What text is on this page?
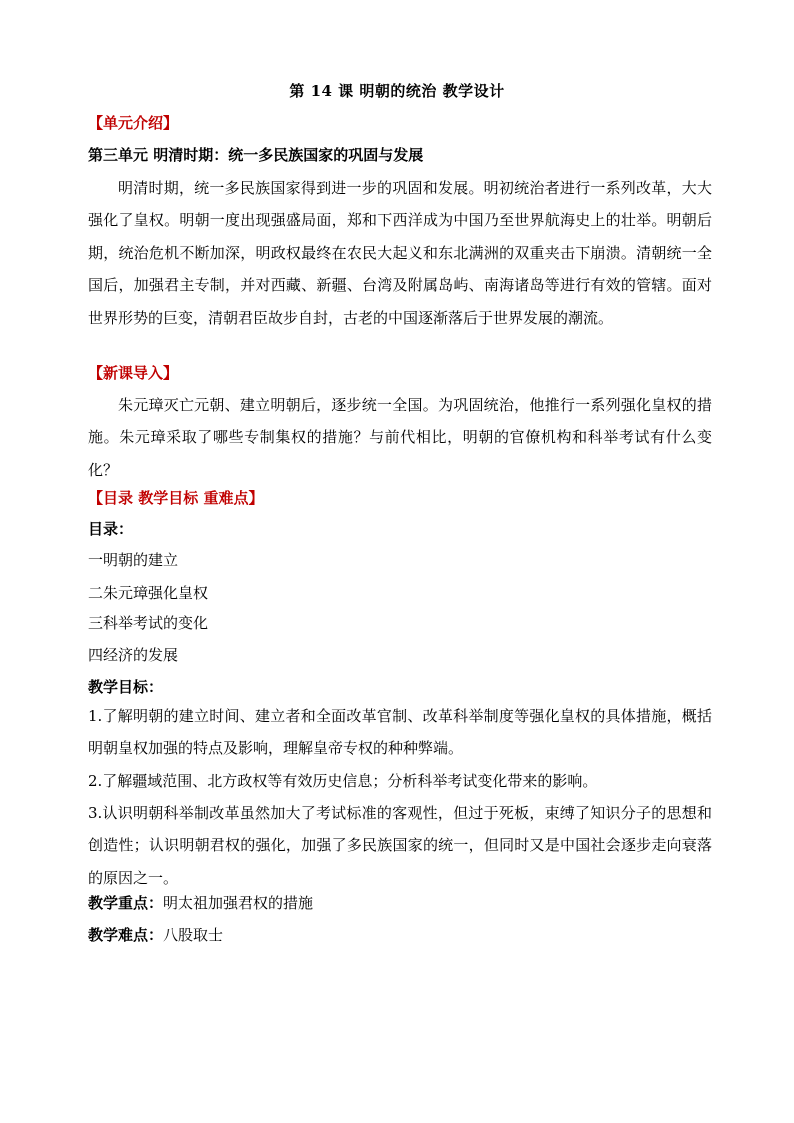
第 14 课 明朝的统治 教学设计
【单元介绍】
第三单元 明清时期：统一多民族国家的巩固与发展
明清时期，统一多民族国家得到进一步的巩固和发展。明初统治者进行一系列改革，大大强化了皇权。明朝一度出现强盛局面，郑和下西洋成为中国乃至世界航海史上的壮举。明朝后期，统治危机不断加深，明政权最终在农民大起义和东北满洲的双重夹击下崩溃。清朝统一全国后，加强君主专制，并对西藏、新疆、台湾及附属岛屿、南海诸岛等进行有效的管辖。面对世界形势的巨变，清朝君臣故步自封，古老的中国逐渐落后于世界发展的潮流。
【新课导入】
朱元璋灭亡元朝、建立明朝后，逐步统一全国。为巩固统治，他推行一系列强化皇权的措施。朱元璋采取了哪些专制集权的措施？与前代相比，明朝的官僚机构和科举考试有什么变化？
【目录 教学目标 重难点】
目录：
一明朝的建立
二朱元璋强化皇权
三科举考试的变化
四经济的发展
教学目标：
1.了解明朝的建立时间、建立者和全面改革官制、改革科举制度等强化皇权的具体措施，概括明朝皇权加强的特点及影响，理解皇帝专权的种种弊端。
2.了解疆域范围、北方政权等有效历史信息；分析科举考试变化带来的影响。
3.认识明朝科举制改革虽然加大了考试标准的客观性，但过于死板，束缚了知识分子的思想和创造性；认识明朝君权的强化，加强了多民族国家的统一，但同时又是中国社会逐步走向衰落的原因之一。
教学重点：明太祖加强君权的措施
教学难点：八股取士
